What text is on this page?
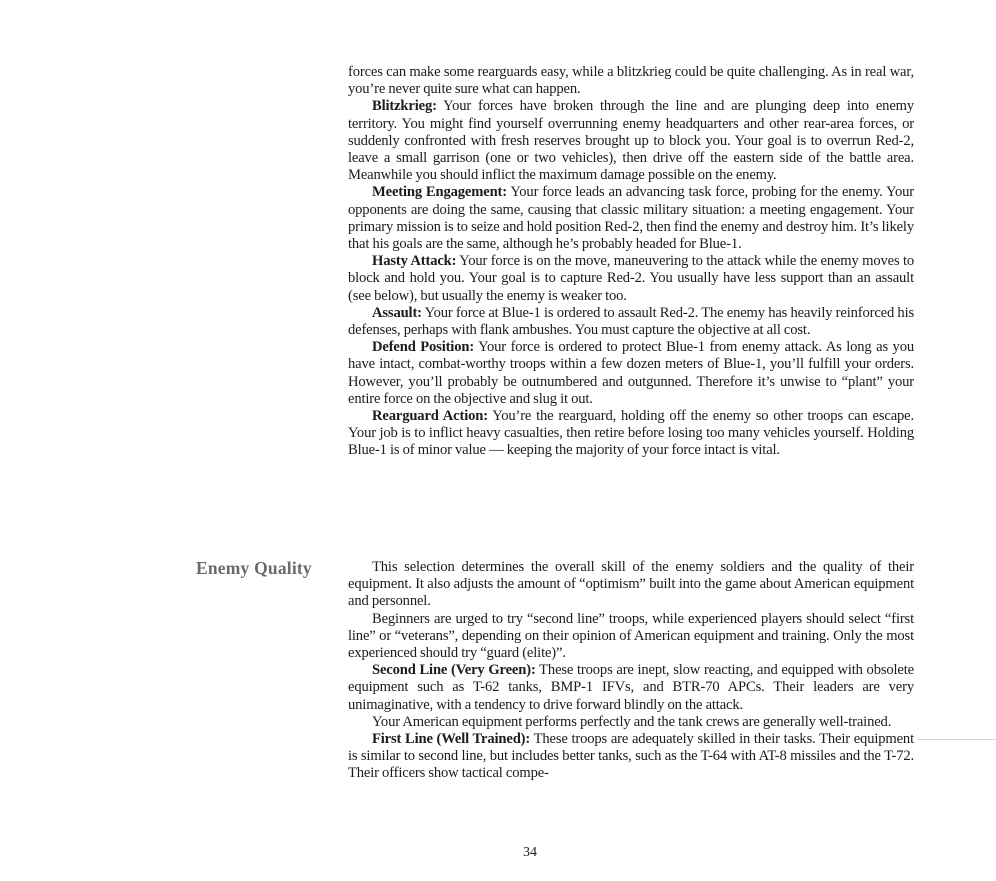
forces can make some rearguards easy, while a blitzkrieg could be quite challenging. As in real war, you’re never quite sure what can happen.

Blitzkrieg: Your forces have broken through the line and are plunging deep into enemy territory. You might find yourself overrunning enemy headquarters and other rear-area forces, or suddenly confronted with fresh reserves brought up to block you. Your goal is to overrun Red-2, leave a small garrison (one or two vehicles), then drive off the eastern side of the battle area. Meanwhile you should inflict the maximum damage possible on the enemy.

Meeting Engagement: Your force leads an advancing task force, probing for the enemy. Your opponents are doing the same, causing that classic military situation: a meeting engagement. Your primary mission is to seize and hold position Red-2, then find the enemy and destroy him. It’s likely that his goals are the same, although he’s probably headed for Blue-1.

Hasty Attack: Your force is on the move, maneuvering to the attack while the enemy moves to block and hold you. Your goal is to capture Red-2. You usually have less support than an assault (see below), but usually the enemy is weaker too.

Assault: Your force at Blue-1 is ordered to assault Red-2. The enemy has heavily reinforced his defenses, perhaps with flank ambushes. You must capture the objective at all cost.

Defend Position: Your force is ordered to protect Blue-1 from enemy attack. As long as you have intact, combat-worthy troops within a few dozen meters of Blue-1, you’ll fulfill your orders. However, you’ll probably be outnumbered and outgunned. Therefore it’s unwise to “plant” your entire force on the objective and slug it out.

Rearguard Action: You’re the rearguard, holding off the enemy so other troops can escape. Your job is to inflict heavy casualties, then retire before losing too many vehicles yourself. Holding Blue-1 is of minor value — keeping the majority of your force intact is vital.

Enemy Quality	This selection determines the overall skill of the enemy soldiers and the quality of their equipment. It also adjusts the amount of “optimism” built into the game about American equipment and personnel.

Beginners are urged to try “second line” troops, while experienced players should select “first line” or “veterans”, depending on their opinion of American equipment and training. Only the most experienced should try “guard (elite)”.

Second Line (Very Green): These troops are inept, slow reacting, and equipped with obsolete equipment such as T-62 tanks, BMP-1 IFVs, and BTR-70 APCs. Their leaders are very unimaginative, with a tendency to drive forward blindly on the attack.

Your American equipment performs perfectly and the tank crews are generally well-trained.

First Line (Well Trained): These troops are adequately skilled in their tasks. Their equipment is similar to second line, but includes better tanks, such as the T-64 with AT-8 missiles and the T-72. Their officers show tactical compe-

34
